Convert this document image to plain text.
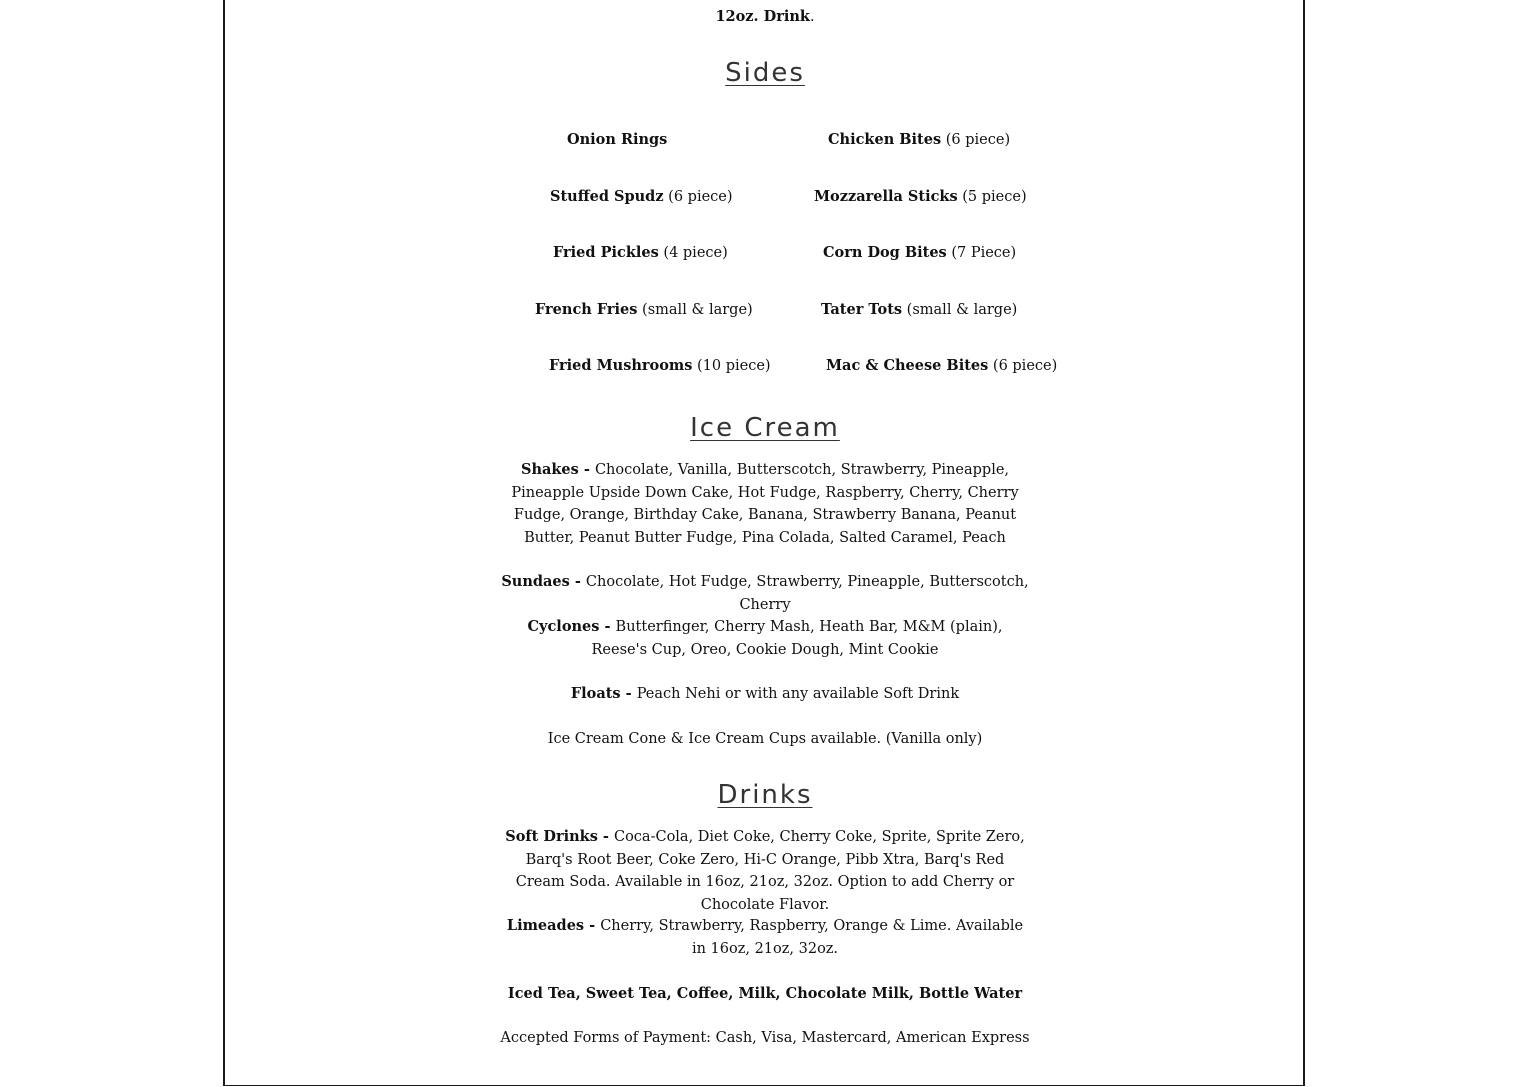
12oz. Drink.
Sides
Onion Rings
Stuffed Spudz (6 piece)
Fried Pickles (4 piece)
French Fries (small & large)
Fried Mushrooms (10 piece)
Chicken Bites (6 piece)
Mozzarella Sticks (5 piece)
Corn Dog Bites (7 Piece)
Tater Tots (small & large)
Mac & Cheese Bites (6 piece)
Ice Cream
Shakes - Chocolate, Vanilla, Butterscotch, Strawberry, Pineapple, Pineapple Upside Down Cake, Hot Fudge, Raspberry, Cherry, Cherry Fudge, Orange, Birthday Cake, Banana, Strawberry Banana, Peanut Butter, Peanut Butter Fudge, Pina Colada, Salted Caramel, Peach
Sundaes - Chocolate, Hot Fudge, Strawberry, Pineapple, Butterscotch, Cherry
Cyclones - Butterfinger, Cherry Mash, Heath Bar, M&M (plain), Reese's Cup, Oreo, Cookie Dough, Mint Cookie
Floats - Peach Nehi or with any available Soft Drink
Ice Cream Cone & Ice Cream Cups available. (Vanilla only)
Drinks
Soft Drinks - Coca-Cola, Diet Coke, Cherry Coke, Sprite, Sprite Zero, Barq's Root Beer, Coke Zero, Hi-C Orange, Pibb Xtra, Barq's Red Cream Soda. Available in 16oz, 21oz, 32oz. Option to add Cherry or Chocolate Flavor.
Limeades - Cherry, Strawberry, Raspberry, Orange & Lime. Available in 16oz, 21oz, 32oz.
Iced Tea, Sweet Tea, Coffee, Milk, Chocolate Milk, Bottle Water
Accepted Forms of Payment: Cash, Visa, Mastercard, American Express
